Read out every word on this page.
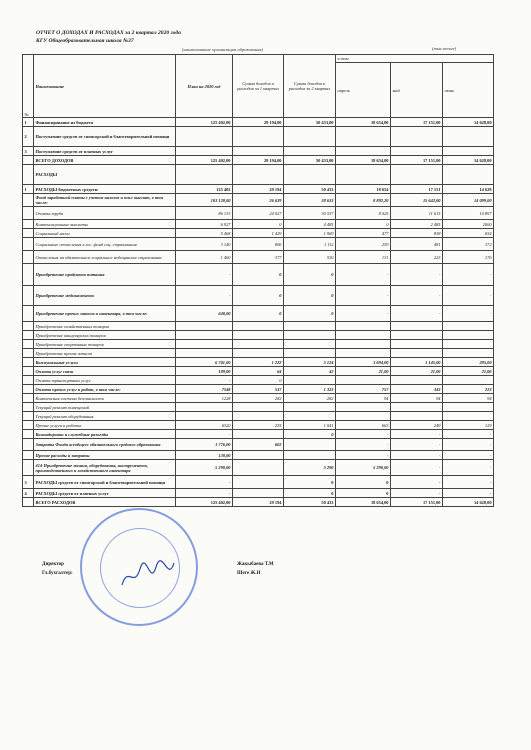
ОТЧЕТ О ДОХОДАХ И РАСХОДАХ за 2 квартал 2020 года
КГУ Общеобразовательная школа №37
(наименование организации образования)	(тыс.тенге)
№	Наименование	План на 2020 год	Сумма доходов и расходов за 1 квартал	Сумма доходов и расходов за 2 квартал	в том		
					апрель	май	июнь
1	Финансирование из бюджета	125 402,00	29 194,00	50 433,00	18 654,00	17 151,00	14 628,00
2	Поступление средств от спонсорской и благотворительной помощи						
3	Поступление средств от платных услуг						
	ВСЕГО ДОХОДОВ	125 402,00	29 194,00	50 433,00	18 654,00	17 151,00	14 628,00
	РАСХОДЫ						
1	РАСХОДЫ бюджетных средств:	125 402	29 194	50 433	18 654	17 151	14 628
	Фонд заработной платы с учетом налогов и взн.с выплат, в том числе:	103 128,00	26 639	38 633	8 892,20	15 642,00	14 099,00
	Оплата труда	86 133	24 027	30 537	8 025	11 615	10 897
	Компенсационные выплаты	6 927	0	4 485	0	2 485	2000
	Социальный налог	5 468	1 429	1 969	477	838	654
	Социальные отчисления в гос. фонд соц. страхования	3 140	806	1 112	259	481	372
	Отчисления на обязательное социальное медицинское страхование	1 460	377	530	131	223	176
	Приобретение продуктов питания	-	0	0	-	-	-
	Приобретение медикаментов	-	0	0	-	-	-
	Приобретение прочих запасов и инвентаря, в том числе:	640,00	0	0	-	-	-
	Приобретение хозяйственных товаров						
	Приобретение канцелярских товаров						
	Приобретение спортивных товаров						
	Приобретение прочих запасов						
	Коммунальные услуги	6 701,00	1 222	5 124	3 694,00	1 145,00	285,00
	Оплата услуг связи	189,00	64	42	21,00	21,00	21,00
	Оплата транспортных услуг	-	0				
	Оплата прочих услуг и работ, в том числе:	7548	537	1 323	757	343	223
	Комплексная система безопасности	1228	282	282	94	94	94
	Текущий ремонт помещений						
	Текущий ремонт оборудования						
	Прочие услуги и работы	6320	255	1 041	663	249	129
	Командировки и служебные разъезды	-		0	-	-	-
	Затраты Фонда всеобщего обязательного среднего образования	1 776,00	602		-	-	-
	Прочие расходы и затраты	130,00			-	-	-
	414-Приобретение машин, оборудования, инструментов, производственного и хозяйственного инвентаря	5 290,00		5 290	5 290,00	-	-
3	РАСХОДЫ средств от спонсорской и благотворительной помощи	-		0	0	-	-
4	РАСХОДЫ средств от платных услуг	-		0	0	-	-
	ВСЕГО РАСХОДОВ	125 402,00	29 194	50 433	18 654,00	17 151,00	14 628,00
Директор
Гл.бухгалтер:
Жакыбаева Т.М
Шеге Ж.Н
